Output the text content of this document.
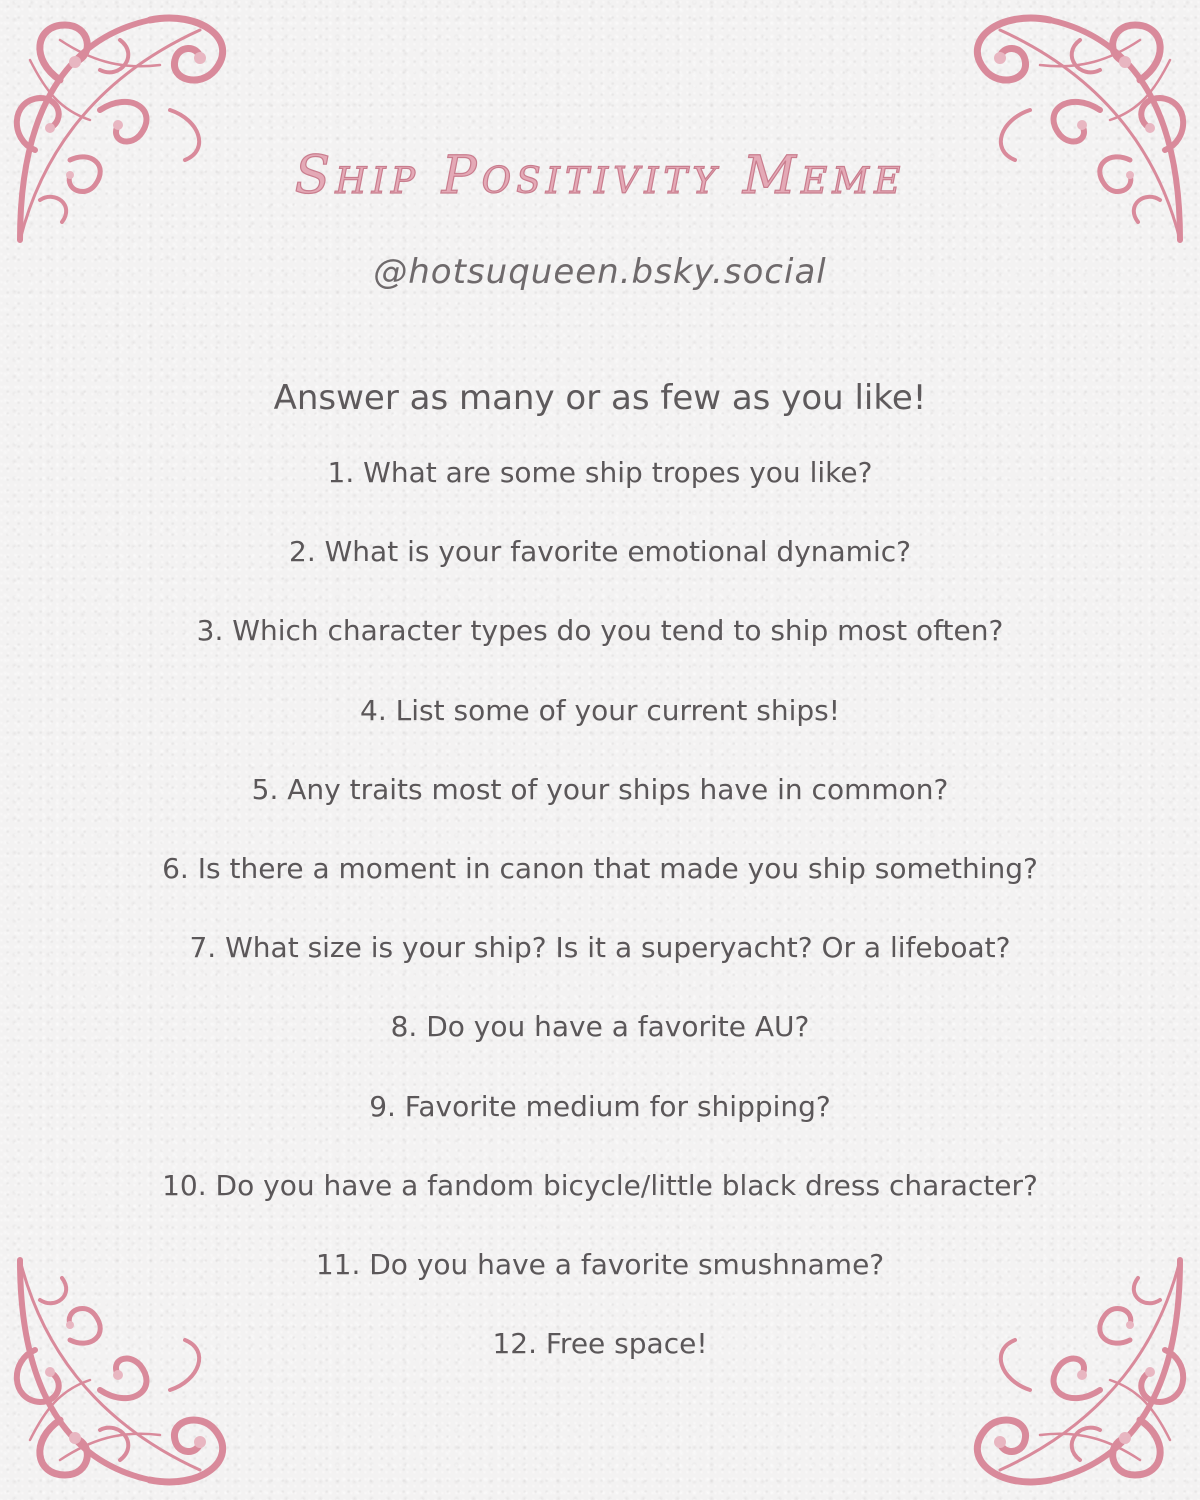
Ship Positivity Meme
@hotsuqueen.bsky.social
Answer as many or as few as you like!
1. What are some ship tropes you like?
2. What is your favorite emotional dynamic?
3. Which character types do you tend to ship most often?
4. List some of your current ships!
5. Any traits most of your ships have in common?
6. Is there a moment in canon that made you ship something?
7. What size is your ship? Is it a superyacht? Or a lifeboat?
8. Do you have a favorite AU?
9. Favorite medium for shipping?
10. Do you have a fandom bicycle/little black dress character?
11. Do you have a favorite smushname?
12. Free space!
